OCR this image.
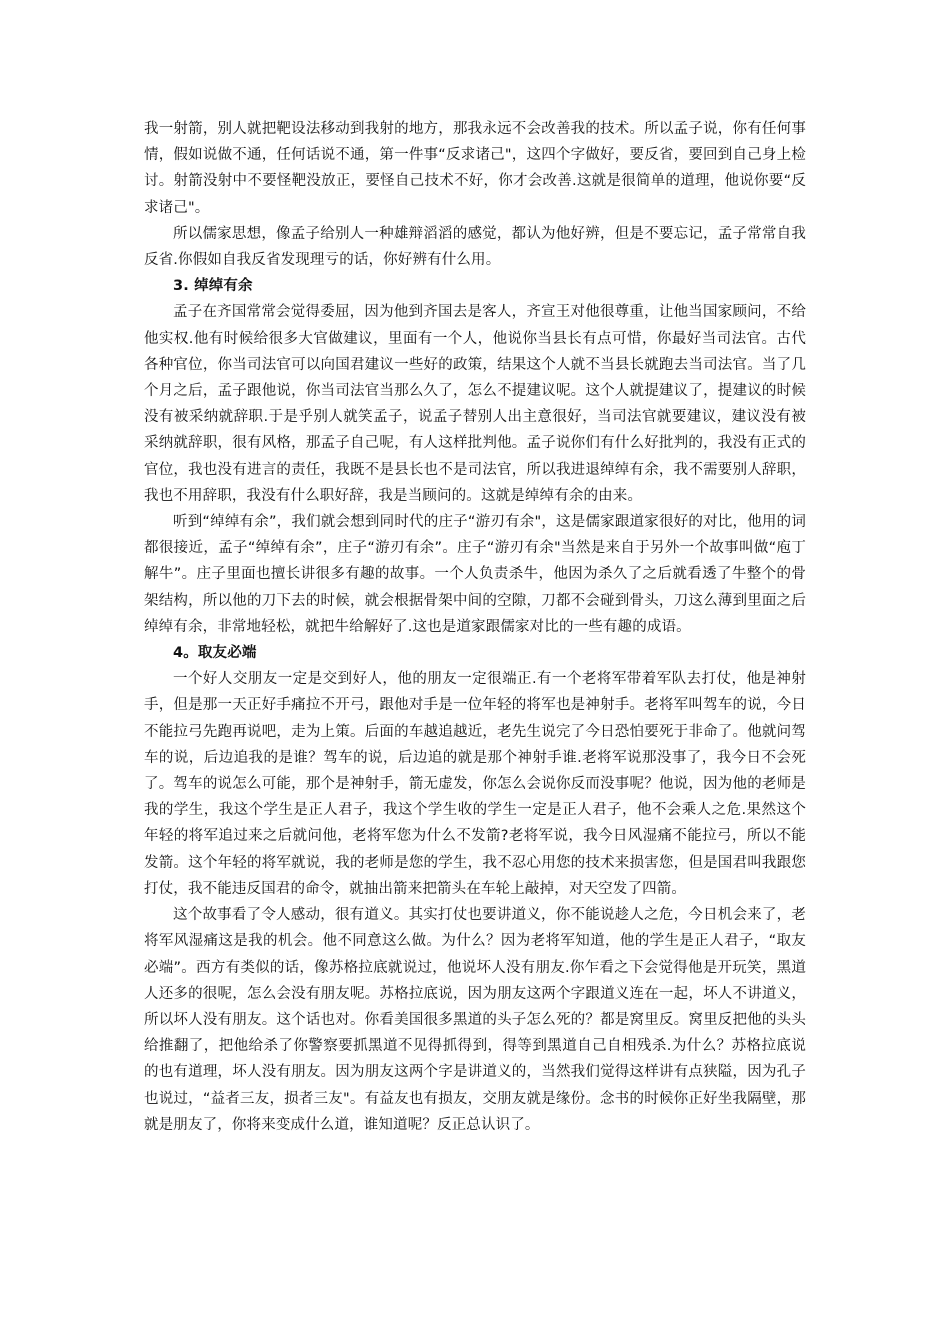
我一射箭，别人就把靶设法移动到我射的地方，那我永远不会改善我的技术。所以孟子说，你有任何事情，假如说做不通，任何话说不通，第一件事“反求诸己"，这四个字做好，要反省，要回到自己身上检讨。射箭没射中不要怪靶没放正，要怪自己技术不好，你才会改善.这就是很简单的道理，他说你要“反求诸己"。

所以儒家思想，像孟子给别人一种雄辩滔滔的感觉，都认为他好辨，但是不要忘记，孟子常常自我反省.你假如自我反省发现理亏的话，你好辨有什么用。

3. 绰绰有余

孟子在齐国常常会觉得委屈，因为他到齐国去是客人，齐宣王对他很尊重，让他当国家顾问，不给他实权.他有时候给很多大官做建议，里面有一个人，他说你当县长有点可惜，你最好当司法官。古代各种官位，你当司法官可以向国君建议一些好的政策，结果这个人就不当县长就跑去当司法官。当了几个月之后，孟子跟他说，你当司法官当那么久了，怎么不提建议呢。这个人就提建议了，提建议的时候没有被采纳就辞职.于是乎别人就笑孟子，说孟子替别人出主意很好，当司法官就要建议，建议没有被采纳就辞职，很有风格，那孟子自己呢，有人这样批判他。孟子说你们有什么好批判的，我没有正式的官位，我也没有进言的责任，我既不是县长也不是司法官，所以我进退绰绰有余，我不需要别人辞职，我也不用辞职，我没有什么职好辞，我是当顾问的。这就是绰绰有余的由来。

听到“绰绰有余”，我们就会想到同时代的庄子“游刃有余"，这是儒家跟道家很好的对比，他用的词都很接近，孟子“绰绰有余”，庄子“游刃有余”。庄子“游刃有余"当然是来自于另外一个故事叫做“庖丁解牛”。庄子里面也擅长讲很多有趣的故事。一个人负责杀牛，他因为杀久了之后就看透了牛整个的骨架结构，所以他的刀下去的时候，就会根据骨架中间的空隙，刀都不会碰到骨头，刀这么薄到里面之后绰绰有余，非常地轻松，就把牛给解好了.这也是道家跟儒家对比的一些有趣的成语。

4。取友必端

一个好人交朋友一定是交到好人，他的朋友一定很端正.有一个老将军带着军队去打仗，他是神射手，但是那一天正好手痛拉不开弓，跟他对手是一位年轻的将军也是神射手。老将军叫驾车的说，今日不能拉弓先跑再说吧，走为上策。后面的车越追越近，老先生说完了今日恐怕要死于非命了。他就问驾车的说，后边追我的是谁？驾车的说，后边追的就是那个神射手谁.老将军说那没事了，我今日不会死了。驾车的说怎么可能，那个是神射手，箭无虚发，你怎么会说你反而没事呢？他说，因为他的老师是我的学生，我这个学生是正人君子，我这个学生收的学生一定是正人君子，他不会乘人之危.果然这个年轻的将军追过来之后就问他，老将军您为什么不发箭?老将军说，我今日风湿痛不能拉弓，所以不能发箭。这个年轻的将军就说，我的老师是您的学生，我不忍心用您的技术来损害您，但是国君叫我跟您打仗，我不能违反国君的命令，就抽出箭来把箭头在车轮上敲掉，对天空发了四箭。

这个故事看了令人感动，很有道义。其实打仗也要讲道义，你不能说趁人之危，今日机会来了，老将军风湿痛这是我的机会。他不同意这么做。为什么？因为老将军知道，他的学生是正人君子，“取友必端”。西方有类似的话，像苏格拉底就说过，他说坏人没有朋友.你乍看之下会觉得他是开玩笑，黑道人还多的很呢，怎么会没有朋友呢。苏格拉底说，因为朋友这两个字跟道义连在一起，坏人不讲道义，所以坏人没有朋友。这个话也对。你看美国很多黑道的头子怎么死的？都是窝里反。窝里反把他的头头给推翻了，把他给杀了你警察要抓黑道不见得抓得到，得等到黑道自己自相残杀.为什么？苏格拉底说的也有道理，坏人没有朋友。因为朋友这两个字是讲道义的，当然我们觉得这样讲有点狭隘，因为孔子也说过，“益者三友，损者三友"。有益友也有损友，交朋友就是缘份。念书的时候你正好坐我隔壁，那就是朋友了，你将来变成什么道，谁知道呢？反正总认识了。
